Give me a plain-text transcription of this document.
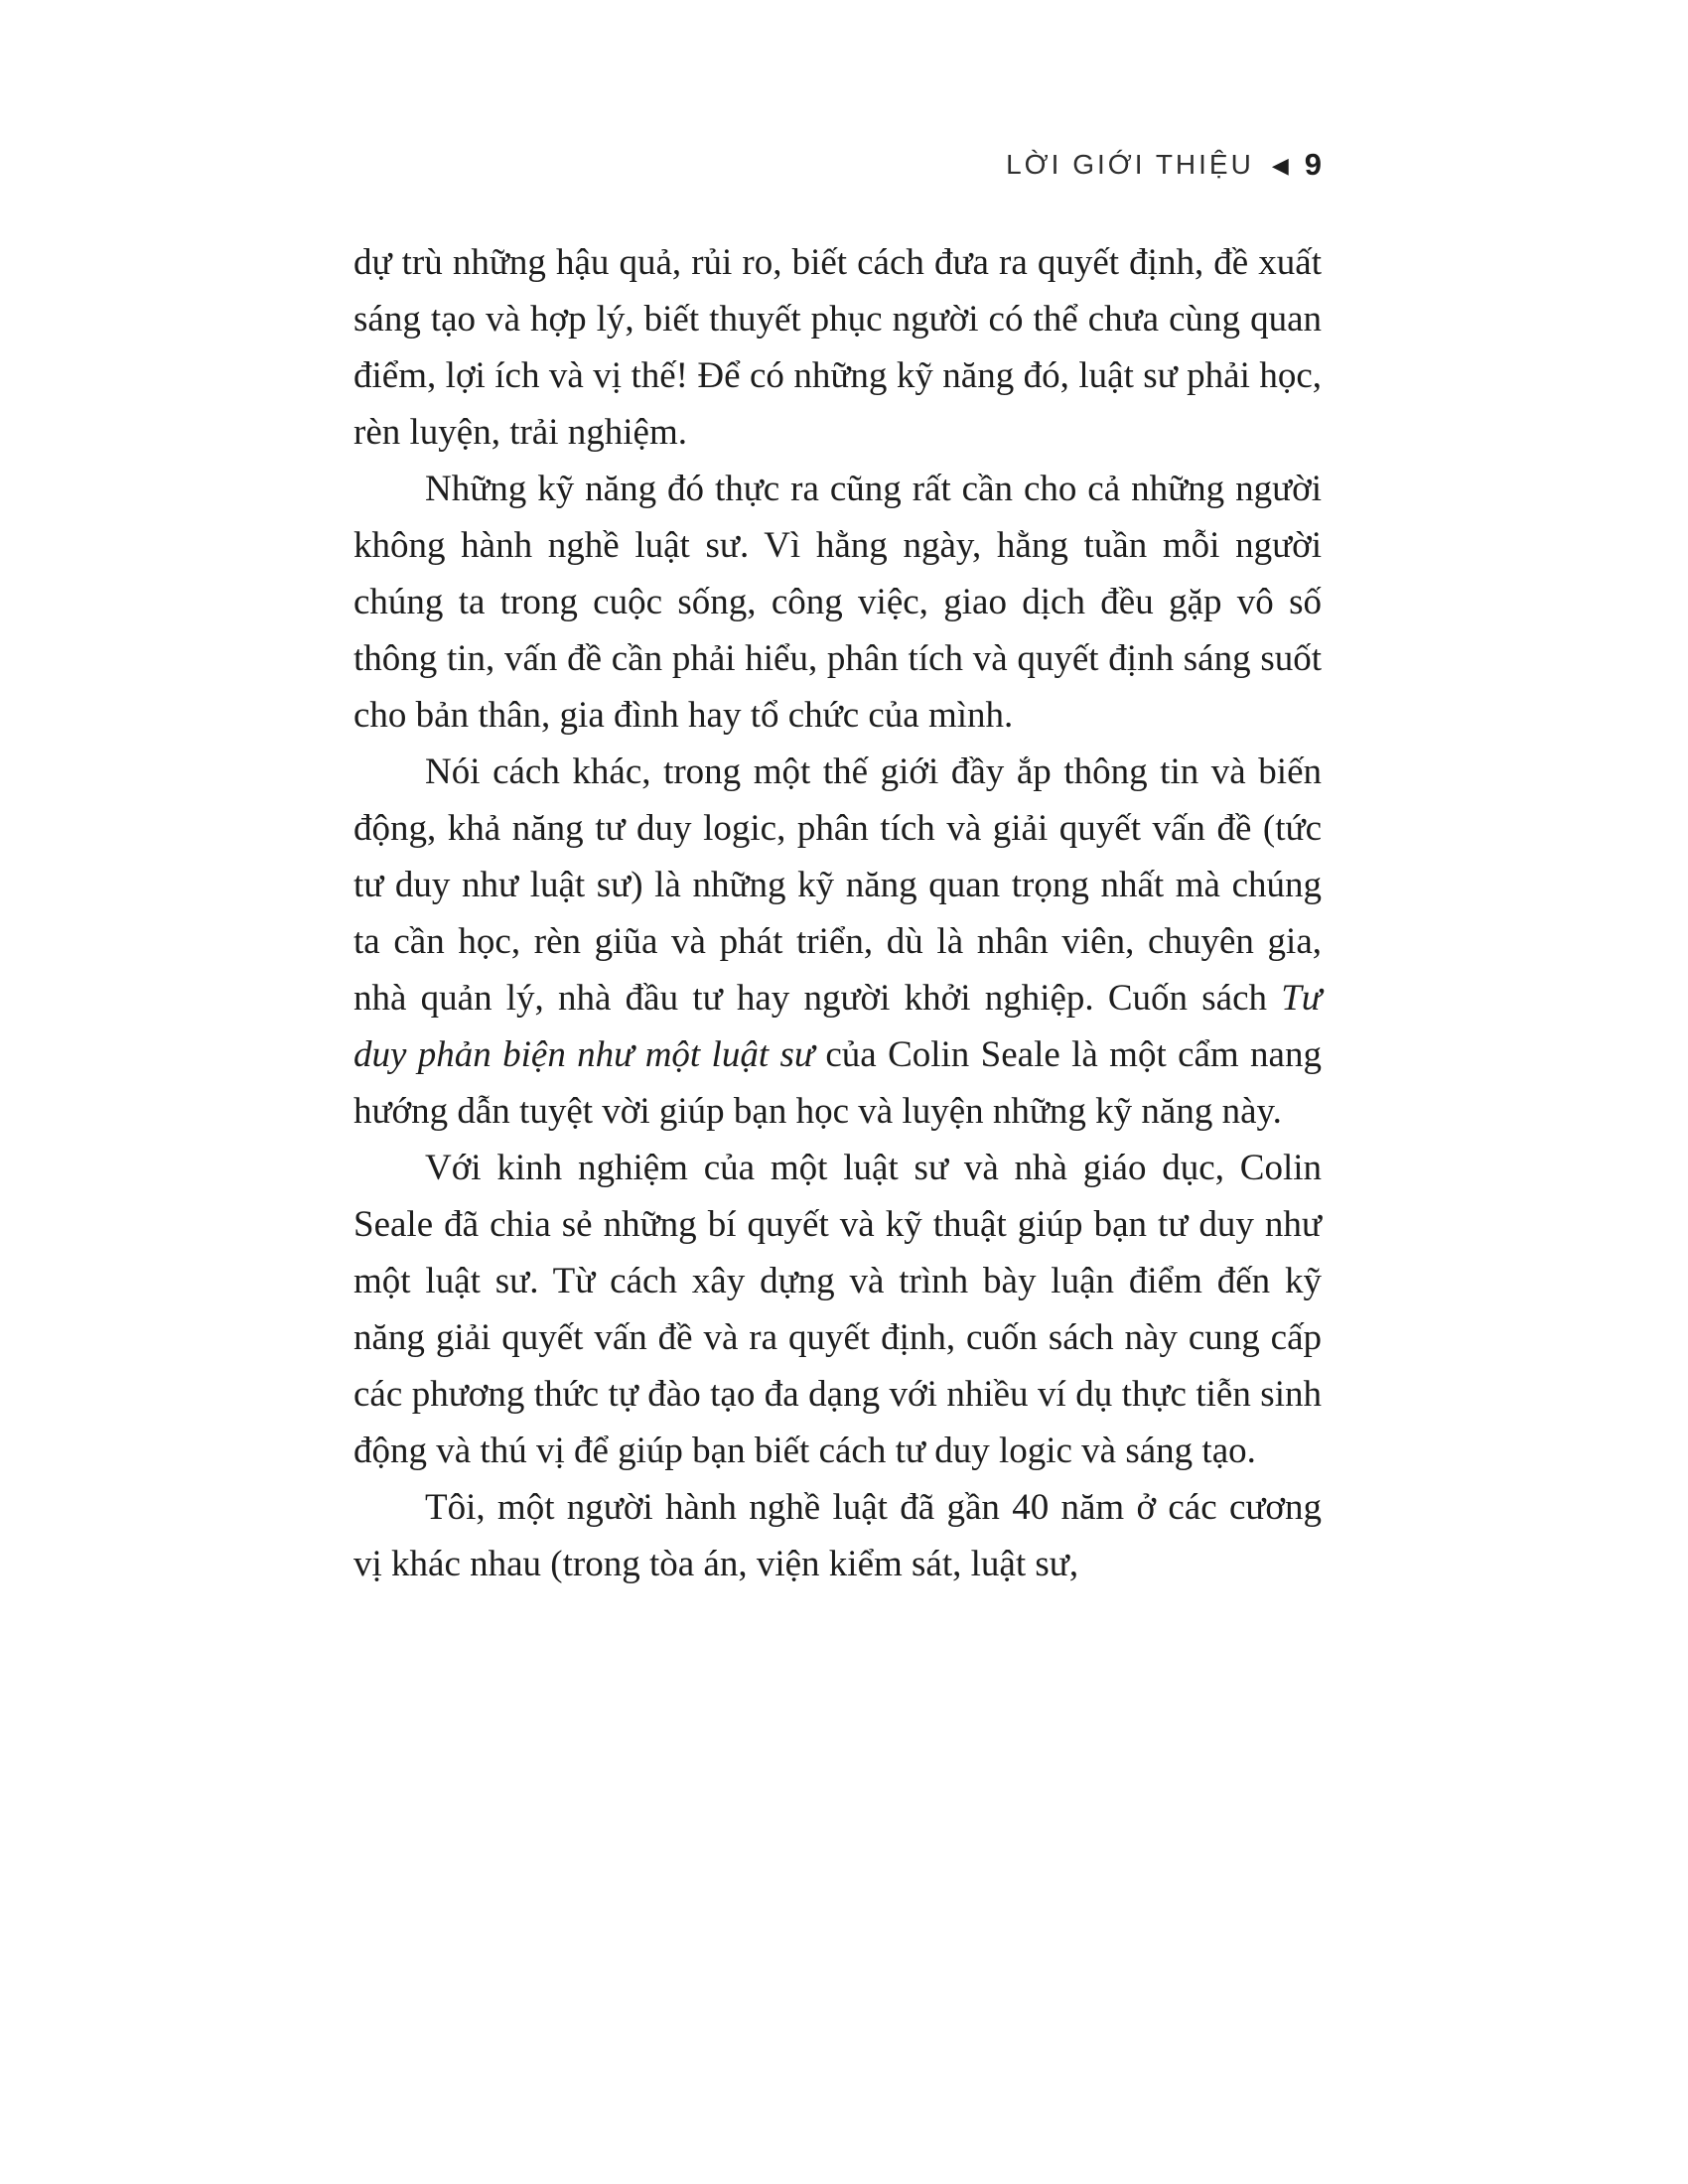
LỜI GIỚI THIỆU ◀ 9

dự trù những hậu quả, rủi ro, biết cách đưa ra quyết định, đề xuất sáng tạo và hợp lý, biết thuyết phục người có thể chưa cùng quan điểm, lợi ích và vị thế! Để có những kỹ năng đó, luật sư phải học, rèn luyện, trải nghiệm.

Những kỹ năng đó thực ra cũng rất cần cho cả những người không hành nghề luật sư. Vì hằng ngày, hằng tuần mỗi người chúng ta trong cuộc sống, công việc, giao dịch đều gặp vô số thông tin, vấn đề cần phải hiểu, phân tích và quyết định sáng suốt cho bản thân, gia đình hay tổ chức của mình.

Nói cách khác, trong một thế giới đầy ắp thông tin và biến động, khả năng tư duy logic, phân tích và giải quyết vấn đề (tức tư duy như luật sư) là những kỹ năng quan trọng nhất mà chúng ta cần học, rèn giũa và phát triển, dù là nhân viên, chuyên gia, nhà quản lý, nhà đầu tư hay người khởi nghiệp. Cuốn sách Tư duy phản biện như một luật sư của Colin Seale là một cẩm nang hướng dẫn tuyệt vời giúp bạn học và luyện những kỹ năng này.

Với kinh nghiệm của một luật sư và nhà giáo dục, Colin Seale đã chia sẻ những bí quyết và kỹ thuật giúp bạn tư duy như một luật sư. Từ cách xây dựng và trình bày luận điểm đến kỹ năng giải quyết vấn đề và ra quyết định, cuốn sách này cung cấp các phương thức tự đào tạo đa dạng với nhiều ví dụ thực tiễn sinh động và thú vị để giúp bạn biết cách tư duy logic và sáng tạo.

Tôi, một người hành nghề luật đã gần 40 năm ở các cương vị khác nhau (trong tòa án, viện kiểm sát, luật sư,
